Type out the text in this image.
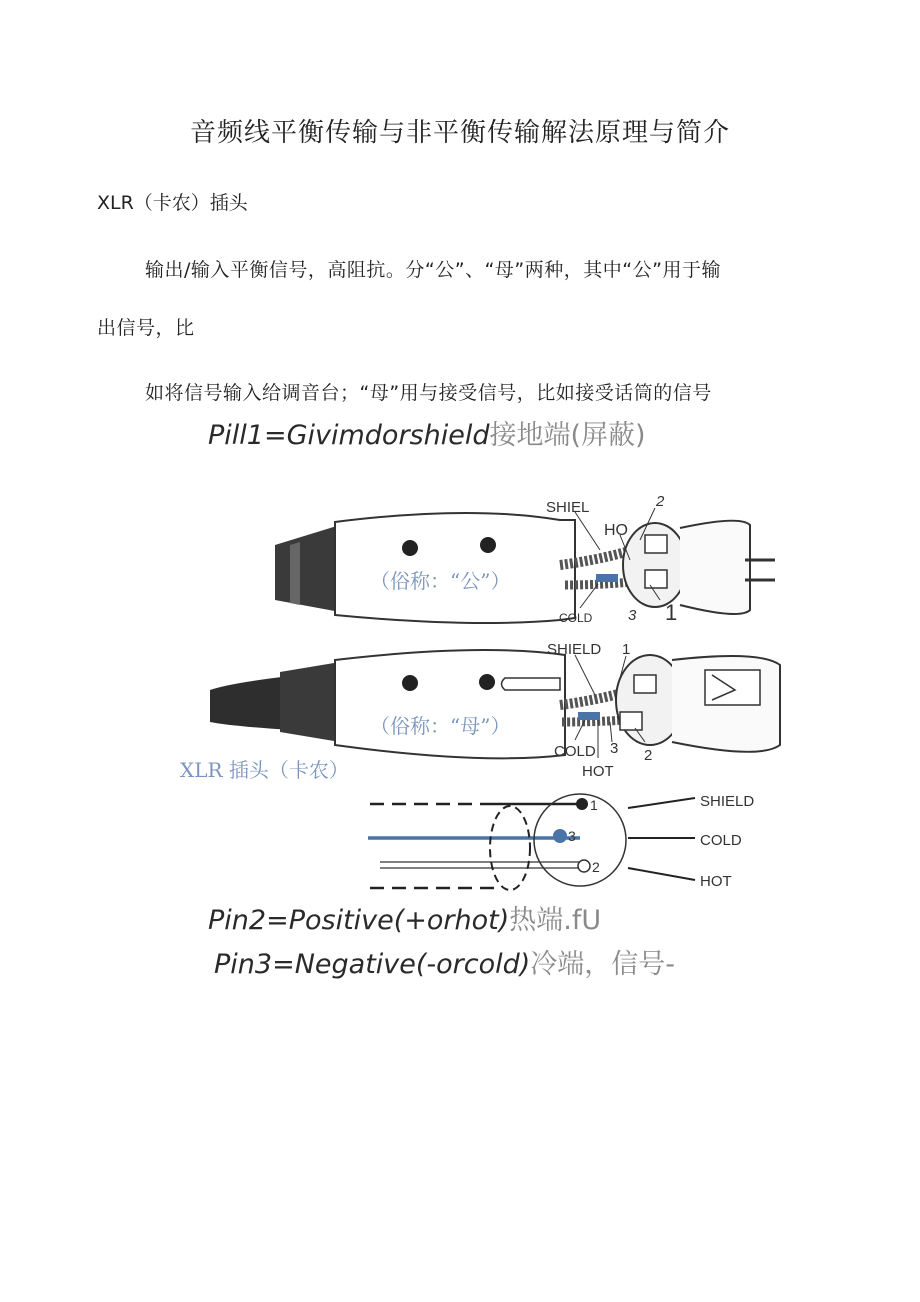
音频线平衡传输与非平衡传输解法原理与简介
XLR（卡农）插头
输出/输入平衡信号，高阻抗。分“公”、“母”两种，其中“公”用于输
出信号，比
如将信号输入给调音台；“母”用与接受信号，比如接受话筒的信号
Pill1=Givimdorshield接地端(屏蔽)
SHIEL
HO
COLD
2
3 1
（俗称：“公”）
SHIELD 1
COLD 3 2
HOT
（俗称：“母”）
XLR 插头（卡农）
1
3
2
SHIELD
COLD
HOT
Pin2=Positive(+orhot)热端.fU
Pin3=Negative(-orcold)冷端，信号-
